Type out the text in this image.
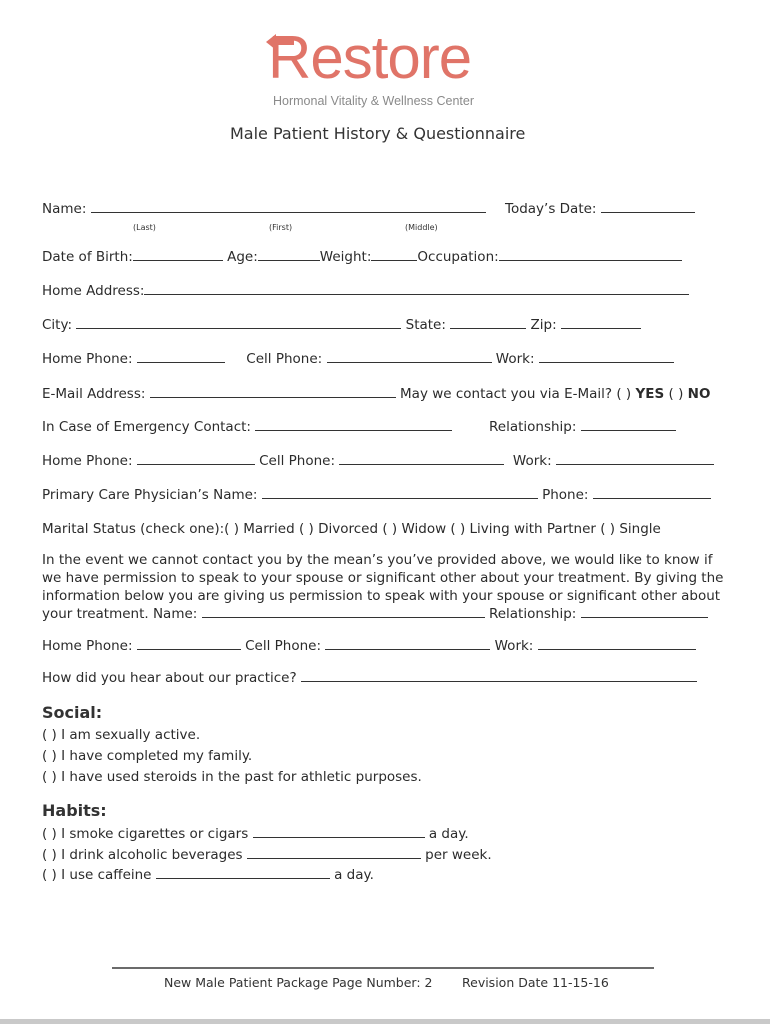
Restore
Hormonal Vitality & Wellness Center
Male Patient History & Questionnaire
Name:	Today’s Date:
(Last)	(First)	(Middle)
Date of Birth:	Age:	Weight:	Occupation:
Home Address:
City:	State:	Zip:
Home Phone:	Cell Phone:	Work:
E-Mail Address:	May we contact you via E-Mail? ( ) YES ( ) NO
In Case of Emergency Contact:	Relationship:
Home Phone:	Cell Phone:	Work:
Primary Care Physician’s Name:	Phone:
Marital Status (check one):( ) Married ( ) Divorced ( ) Widow ( ) Living with Partner ( ) Single
In the event we cannot contact you by the mean’s you’ve provided above, we would like to know if we have permission to speak to your spouse or significant other about your treatment. By giving the information below you are giving us permission to speak with your spouse or significant other about your treatment. Name:	Relationship:
Home Phone:	Cell Phone:	Work:
How did you hear about our practice?
Social:
( ) I am sexually active.
( ) I have completed my family.
( ) I have used steroids in the past for athletic purposes.
Habits:
( ) I smoke cigarettes or cigars	a day.
( ) I drink alcoholic beverages	per week.
( ) I use caffeine	a day.
New Male Patient Package Page Number: 2 Revision Date 11-15-16
